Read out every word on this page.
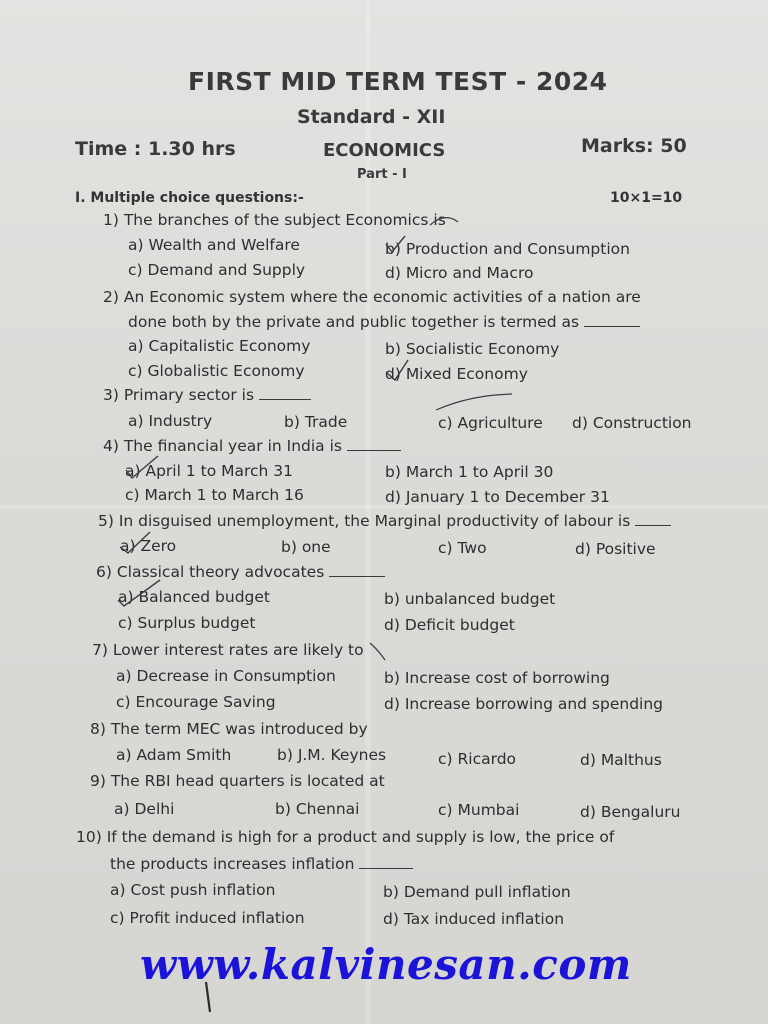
FIRST MID TERM TEST - 2024
Standard - XII
Time : 1.30 hrs	ECONOMICS	Marks: 50
Part - I
I. Multiple choice questions:-	10×1=10
1) The branches of the subject Economics is
a) Wealth and Welfare	b) Production and Consumption
c) Demand and Supply	d) Micro and Macro
2) An Economic system where the economic activities of a nation are
done both by the private and public together is termed as
a) Capitalistic Economy	b) Socialistic Economy
c) Globalistic Economy	d) Mixed Economy
3) Primary sector is
a) Industry	b) Trade	c) Agriculture d) Construction
4) The financial year in India is
a) April 1 to March 31	b) March 1 to April 30
c) March 1 to March 16	d) January 1 to December 31
5) In disguised unemployment, the Marginal productivity of labour is
a) Zero	b) one	c) Two	d) Positive
6) Classical theory advocates
a) Balanced budget	b) unbalanced budget
c) Surplus budget	d) Deficit budget
7) Lower interest rates are likely to
a) Decrease in Consumption	b) Increase cost of borrowing
c) Encourage Saving	d) Increase borrowing and spending
8) The term MEC was introduced by
a) Adam Smith	b) J.M. Keynes	c) Ricardo	d) Malthus
9) The RBI head quarters is located at
a) Delhi	b) Chennai	c) Mumbai	d) Bengaluru
10) If the demand is high for a product and supply is low, the price of
the products increases inflation
a) Cost push inflation	b) Demand pull inflation
c) Profit induced inflation	d) Tax induced inflation
www.kalvinesan.com
